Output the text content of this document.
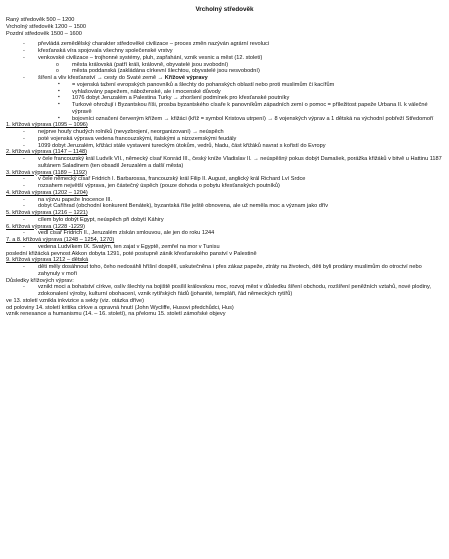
Vrcholný středověk
Raný středověk 500 – 1200
Vrcholný středověk 1200 – 1500
Pozdní středověk 1500 – 1600
- převládá zemědělský charakter středověké civilizace – proces změn nazýván agrární revoluci
- křesťanská víra spojovala všechny společenské vrstvy
- venkovské civilizace – trojhonné systémy, pluh, zapřahání, vznik vesnic a měst (12. století)
o města královská (patří králi, královně, obyvatelé jsou svobodní)
o města poddanská (zakládána církevní šlechtou, obyvatelé jsou nesvobodní)
- šíření a vliv křesťanství → cesty do Svaté země → Křížové výpravy
▪ = vojenská tažení evropských panovníků a šlechty do pohanských oblastí nebo proti muslimům či kacířům
▪ vyhlašovány papežem, náboženské, ale i mocenské důvody
▪ 1076 dobyt Jeruzalém a Palestina Turky → zhoršení podmínek pro křesťanské poutníky
▪ Turkové ohrožují i Byzantskou říši, prosba byzantského císaře k panovníkům západních zemí o pomoc = příležitost papeže Urbana II. k válečné výpravě
▪ bojovníci označeni červeným křížem → křižáci (kříž = symbol Kristova utrpení) → 8 vojenských výprav a 1 dětská na východní pobřeží Středomoří
1. křížová výprava (1095 – 1096)
- nejprve houfy chudých rolníků (nevyzbrojení, neorganizovaní) → neúspěch
- poté vojenská výprava vedena francouzskými, italskými a nizozemskými feudály
- 1099 dobyt Jeruzalém, křižáci stále vystaveni tureckým útokům, vedrů, hladu, část křižáků navrat s kořistí do Evropy
2. křížová výprava (1147 – 1148)
- v čele francouzský král Ludvík VII., německý císař Konrád III., český kníže Vladislav II. → neúspěšný pokus dobýt Damašek, porážka křižáků v bitvě u Hattinu 1187 sultánem Saladinem (ten obsadil Jeruzalém a další města)
3. křížová výprava (1189 – 1192)
- v čele německý císař Fridrich I. Barbarossa, francouzský král Filip II. August, anglický král Richard Lví Srdce
- rozsahem největší výprava, jen částečný úspěch (pouze dohoda o pobytu křesťanských poutníků)
4. křížová výprava (1202 – 1204)
- na výzvu papeže Inocence III.
- dobyt Cařihrad (obchodní konkurent Benátek), byzantská říše ještě obnovena, ale už neměla moc a význam jako dřív
5. křížová výprava (1216 – 1221)
- cílem bylo dobýt Egypt, neúspěch při dobytí Káhiry
6. křížová výprava (1228 -1229)
- vedl císař Fridrich II., Jeruzalém získán smlouvou, ale jen do roku 1244
7. a 8. křížová výprava (1248 – 1254, 1270)
- vedena Ludvíkem IX. Svatým, ten zajat v Egyptě, zemřel na mor v Tunisu
poslední křižácká pevnost Akkon dobyta 1291, poté postupně zánik křesťanského panství v Palestině
9. křížová výprava 1212 – dětská
- děti měly dosáhnout toho, čeho nedosáhli hříšní dospělí, uskutečněna i přes zákaz papeže, ztráty na životech, děti byli prodány muslimům do otroctví nebo zahynuly v moři
Důsledky křížových výprav:
- vznikt moci a bohatství církve, oslív šlechty na bojiště posílil královskou moc, rozvoj měst v důsledku šíření obchodu, rozšíření peněžních vztahů, nové plodiny, zdokonalení výroby, kulturní obohacení, vznik rytířských řádů (johanité, templáři, řád německých rytířů)
ve 13. století vznikla inkvizice a sekty (viz. otázka dříve)
od poloviny 14. století kritika církve a opravná hnutí (John Wycliffe, Husovi předchůdci, Hus)
vznik renesance a humanismu (14. – 16. století), na přelomu 15. století zámořské objevy
